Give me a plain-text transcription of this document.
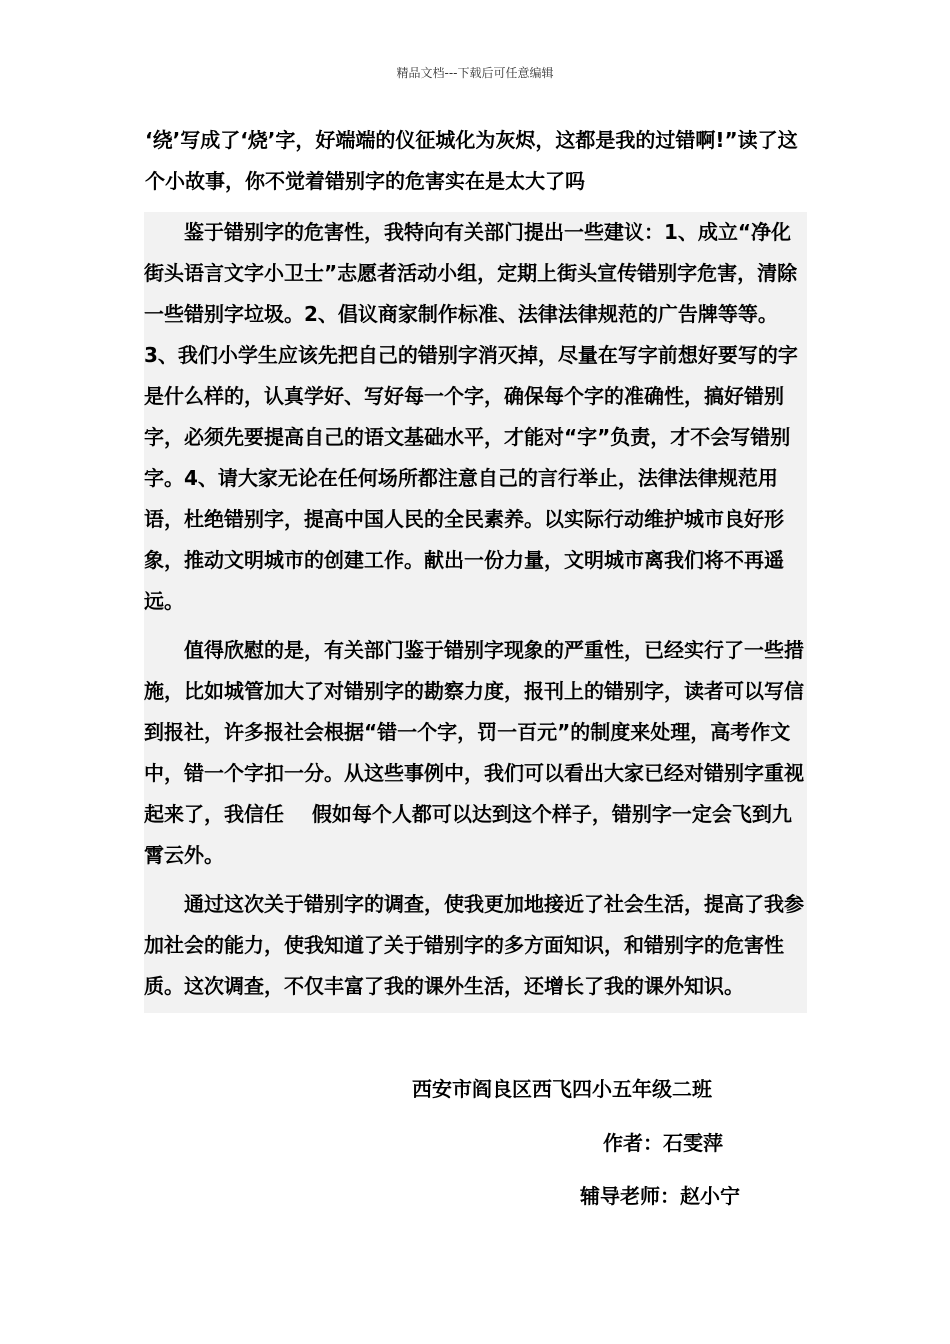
精品文档---下载后可任意编辑
‘绕’写成了‘烧’字，好端端的仪征城化为灰烬，这都是我的过错啊!”读了这个小故事，你不觉着错别字的危害实在是太大了吗

鉴于错别字的危害性，我特向有关部门提出一些建议：1、成立“净化街头语言文字小卫士”志愿者活动小组，定期上街头宣传错别字危害，清除一些错别字垃圾。2、倡议商家制作标准、法律法律规范的广告牌等等。3、我们小学生应该先把自己的错别字消灭掉，尽量在写字前想好要写的字是什么样的，认真学好、写好每一个字，确保每个字的准确性，搞好错别字，必须先要提高自己的语文基础水平，才能对“字”负责，才不会写错别字。4、请大家无论在任何场所都注意自己的言行举止，法律法律规范用语，杜绝错别字，提高中国人民的全民素养。以实际行动维护城市良好形象，推动文明城市的创建工作。献出一份力量，文明城市离我们将不再遥远。

值得欣慰的是，有关部门鉴于错别字现象的严重性，已经实行了一些措施，比如城管加大了对错别字的勘察力度，报刊上的错别字，读者可以写信到报社，许多报社会根据“错一个字，罚一百元”的制度来处理，高考作文中，错一个字扣一分。从这些事例中，我们可以看出大家已经对错别字重视起来了，我信任    假如每个人都可以达到这个样子，错别字一定会飞到九霄云外。

通过这次关于错别字的调查，使我更加地接近了社会生活，提高了我参加社会的能力，使我知道了关于错别字的多方面知识，和错别字的危害性质。这次调查，不仅丰富了我的课外生活，还增长了我的课外知识。

西安市阎良区西飞四小五年级二班
作者：石雯萍
辅导老师：赵小宁
